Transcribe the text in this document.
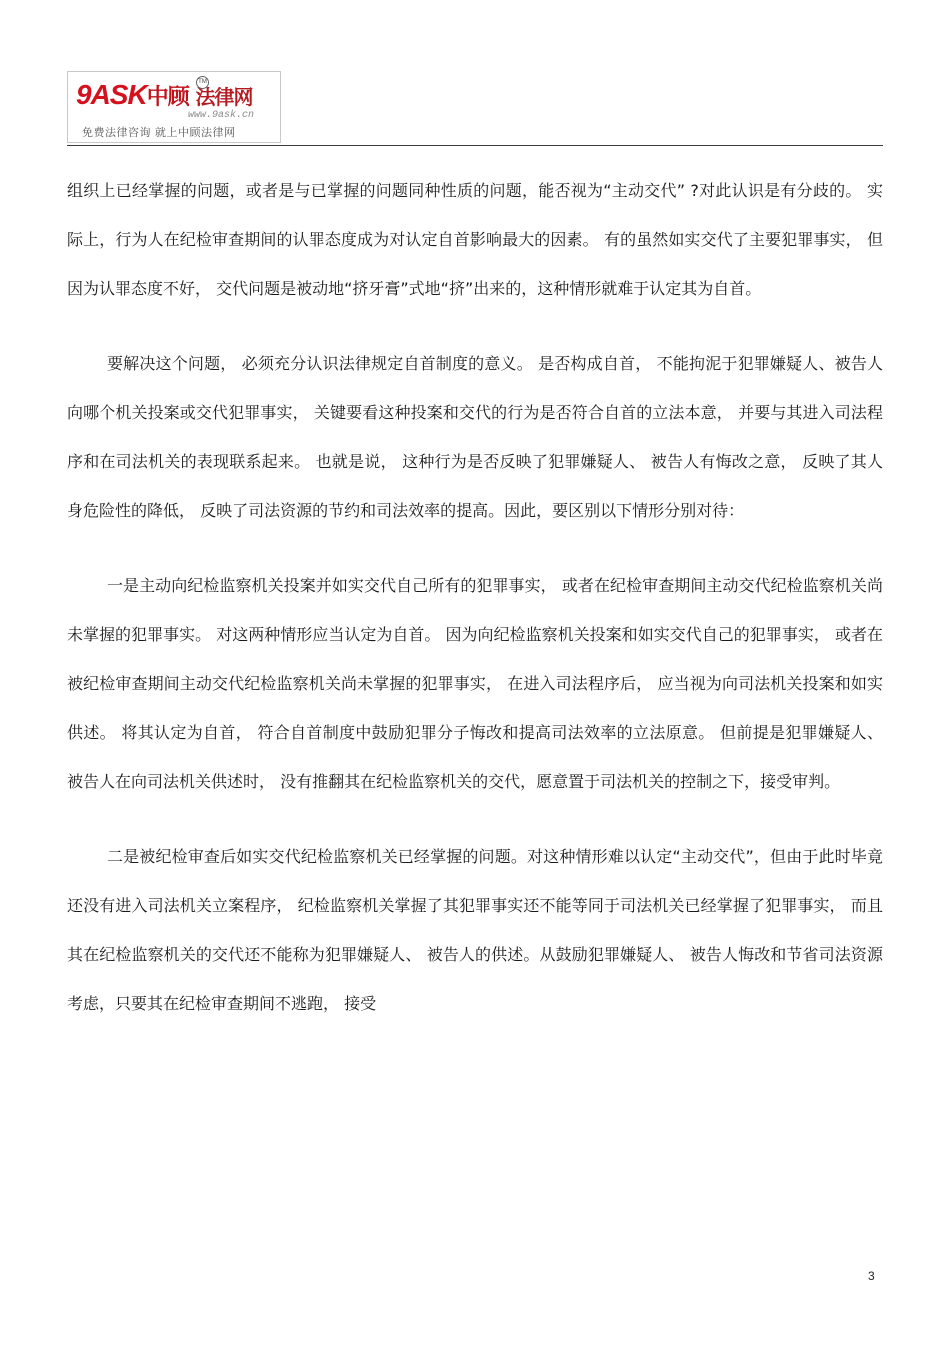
9ASK中顾 法律网
TM
www.9ask.cn
免费法律咨询 就上中顾法律网

组织上已经掌握的问题，或者是与已掌握的问题同种性质的问题，能否视为“主动交代” ?对此认识是有分歧的。 实际上，行为人在纪检审查期间的认罪态度成为对认定自首影响最大的因素。 有的虽然如实交代了主要犯罪事实， 但因为认罪态度不好， 交代问题是被动地“挤牙膏”式地“挤”出来的，这种情形就难于认定其为自首。

要解决这个问题， 必须充分认识法律规定自首制度的意义。 是否构成自首， 不能拘泥于犯罪嫌疑人、被告人向哪个机关投案或交代犯罪事实， 关键要看这种投案和交代的行为是否符合自首的立法本意， 并要与其进入司法程序和在司法机关的表现联系起来。 也就是说， 这种行为是否反映了犯罪嫌疑人、 被告人有悔改之意， 反映了其人身危险性的降低， 反映了司法资源的节约和司法效率的提高。因此，要区别以下情形分别对待：

一是主动向纪检监察机关投案并如实交代自己所有的犯罪事实， 或者在纪检审查期间主动交代纪检监察机关尚未掌握的犯罪事实。 对这两种情形应当认定为自首。 因为向纪检监察机关投案和如实交代自己的犯罪事实， 或者在被纪检审查期间主动交代纪检监察机关尚未掌握的犯罪事实， 在进入司法程序后， 应当视为向司法机关投案和如实供述。 将其认定为自首， 符合自首制度中鼓励犯罪分子悔改和提高司法效率的立法原意。 但前提是犯罪嫌疑人、 被告人在向司法机关供述时， 没有推翻其在纪检监察机关的交代，愿意置于司法机关的控制之下，接受审判。

二是被纪检审查后如实交代纪检监察机关已经掌握的问题。对这种情形难以认定“主动交代”，但由于此时毕竟还没有进入司法机关立案程序， 纪检监察机关掌握了其犯罪事实还不能等同于司法机关已经掌握了犯罪事实， 而且其在纪检监察机关的交代还不能称为犯罪嫌疑人、 被告人的供述。从鼓励犯罪嫌疑人、 被告人悔改和节省司法资源考虑，只要其在纪检审查期间不逃跑， 接受

3
